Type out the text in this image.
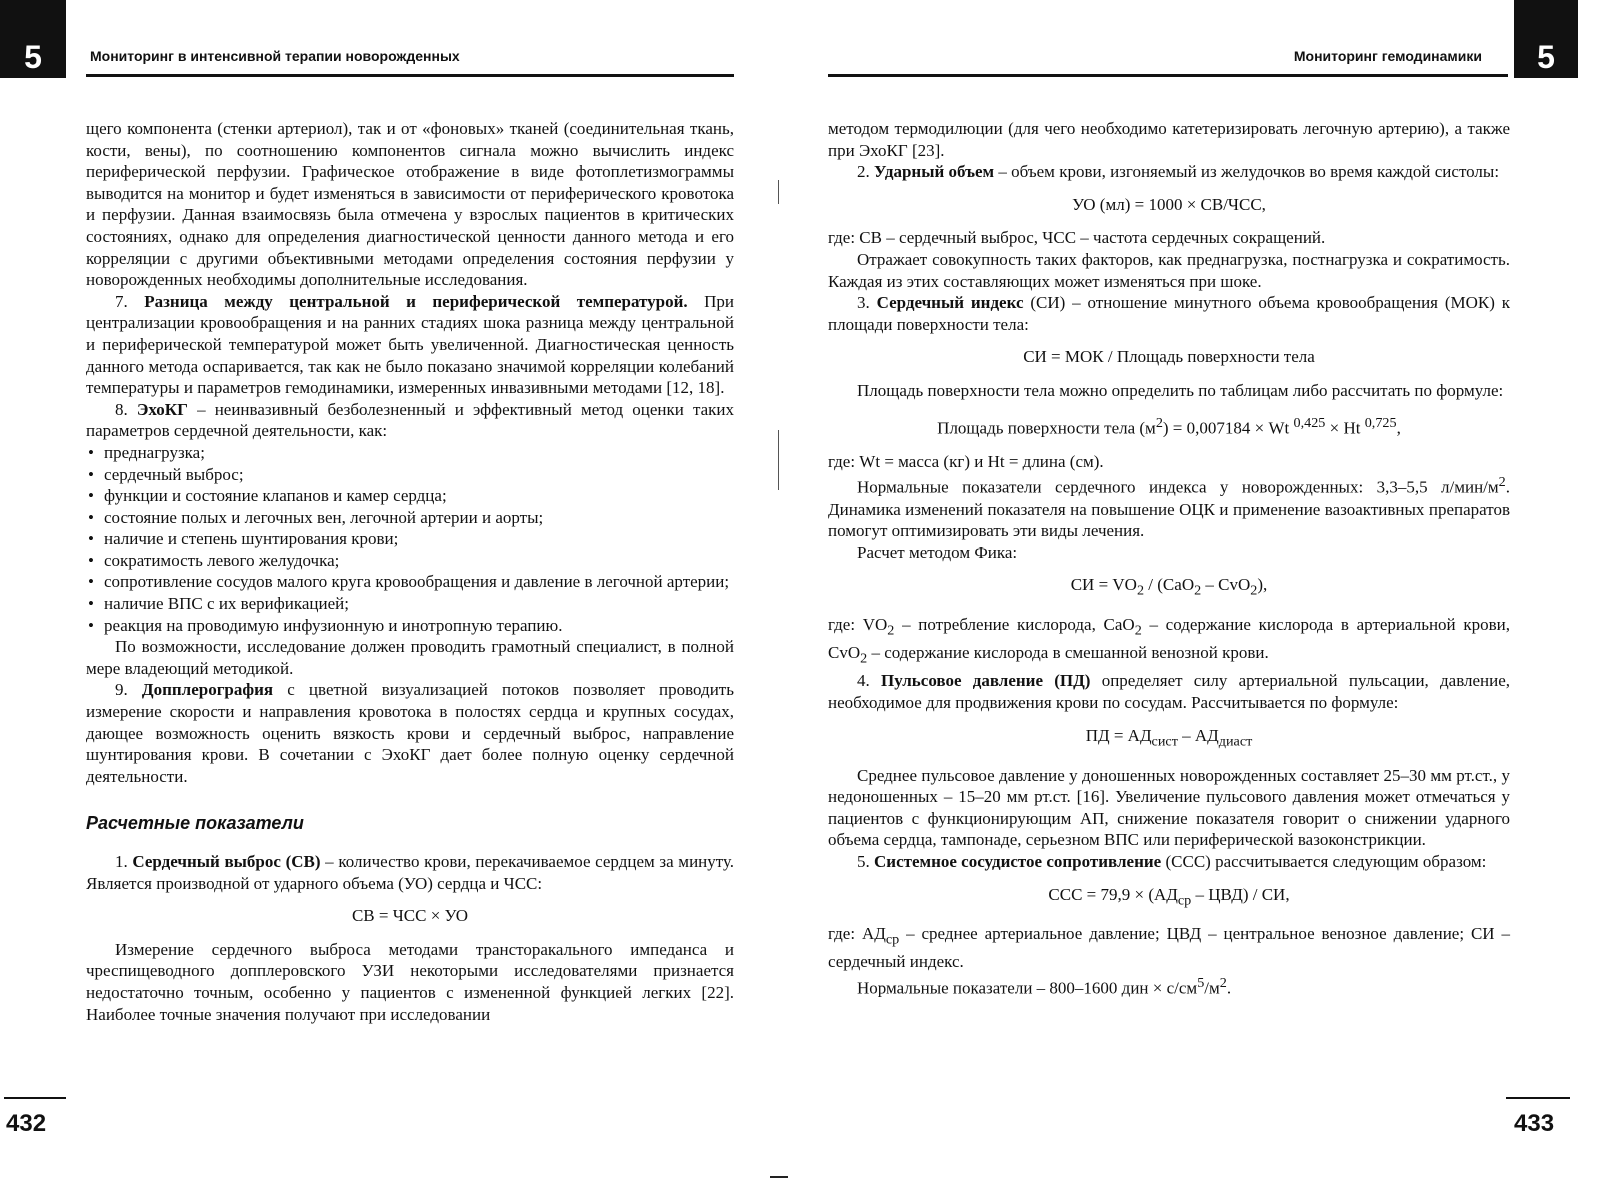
5	Мониторинг в интенсивной терапии новорожденных

щего компонента (стенки артериол), так и от «фоновых» тканей (соединительная ткань, кости, вены), по соотношению компонентов сигнала можно вычислить индекс периферической перфузии. Графическое отображение в виде фотоплетизмограммы выводится на монитор и будет изменяться в зависимости от периферического кровотока и перфузии. Данная взаимосвязь была отмечена у взрослых пациентов в критических состояниях, однако для определения диагностической ценности данного метода и его корреляции с другими объективными методами определения состояния перфузии у новорожденных необходимы дополнительные исследования.

7. Разница между центральной и периферической температурой. При централизации кровообращения и на ранних стадиях шока разница между центральной и периферической температурой может быть увеличенной. Диагностическая ценность данного метода оспаривается, так как не было показано значимой корреляции колебаний температуры и параметров гемодинамики, измеренных инвазивными методами [12, 18].

8. ЭхоКГ – неинвазивный безболезненный и эффективный метод оценки таких параметров сердечной деятельности, как:

• преднагрузка;
• сердечный выброс;
• функции и состояние клапанов и камер сердца;
• состояние полых и легочных вен, легочной артерии и аорты;
• наличие и степень шунтирования крови;
• сократимость левого желудочка;
• сопротивление сосудов малого круга кровообращения и давление в легочной артерии;
• наличие ВПС с их верификацией;
• реакция на проводимую инфузионную и инотропную терапию.

По возможности, исследование должен проводить грамотный специалист, в полной мере владеющий методикой.

9. Допплерография с цветной визуализацией потоков позволяет проводить измерение скорости и направления кровотока в полостях сердца и крупных сосудах, дающее возможность оценить вязкость крови и сердечный выброс, направление шунтирования крови. В сочетании с ЭхоКГ дает более полную оценку сердечной деятельности.

Расчетные показатели

1. Сердечный выброс (СВ) – количество крови, перекачиваемое сердцем за минуту. Является производной от ударного объема (УО) сердца и ЧСС:

СВ = ЧСС × УО

Измерение сердечного выброса методами трансторакального импеданса и чреспищеводного допплеровского УЗИ некоторыми исследователями признается недостаточно точным, особенно у пациентов с измененной функцией легких [22]. Наиболее точные значения получают при исследовании

432
5
Мониторинг гемодинамики

методом термодилюции (для чего необходимо катетеризировать легочную артерию), а также при ЭхоКГ [23].

2. Ударный объем – объем крови, изгоняемый из желудочков во время каждой систолы:

УО (мл) = 1000 × СВ/ЧСС,

где: СВ – сердечный выброс, ЧСС – частота сердечных сокращений.

Отражает совокупность таких факторов, как преднагрузка, постнагрузка и сократимость. Каждая из этих составляющих может изменяться при шоке.

3. Сердечный индекс (СИ) – отношение минутного объема кровообращения (МОК) к площади поверхности тела:

СИ = МОК / Площадь поверхности тела

Площадь поверхности тела можно определить по таблицам либо рассчитать по формуле:

Площадь поверхности тела $(м^2) = 0,007184 \times Wt$ $^{0,425}$ × Ht $^{0,725}$,

где: Wt = масса (кг) и Ht = длина (см).

Нормальные показатели сердечного индекса у новорожденных: 3,3–5,5 $л/мин/м^2$. Динамика изменений показателя на повышение ОЦК и применение вазоактивных препаратов помогут оптимизировать эти виды лечения.

Расчет методом Фика:

СИ = $VO_2 / (CaO_2 - CvO_2)$,

где: $VO_2$ – потребление кислорода, CaO$_2$ – содержание кислорода в артериальной крови, CvO$_2$ – содержание кислорода в смешанной венозной крови.

4. Пульсовое давление (ПД) определяет силу артериальной пульсации, давление, необходимое для продвижения крови по сосудам. Рассчитывается по формуле:

ПД = $АД_{сист} - АД_{диаст}$

Среднее пульсовое давление у доношенных новорожденных составляет 25–30 мм рт.ст., у недоношенных – 15–20 мм рт.ст. [16]. Увеличение пульсового давления может отмечаться у пациентов с функционирующим АП, снижение показателя говорит о снижении ударного объема сердца, тампонаде, серьезном ВПС или периферической вазоконстрикции.

5. Системное сосудистое сопротивление (ССС) рассчитывается следующим образом:

ССС = $79,9 \times (АД_{ср} - ЦВД)$ / СИ,

где: $АД_{ср}$ – среднее артериальное давление; ЦВД – центральное венозное давление; СИ – сердечный индекс.

Нормальные показатели – 800–1600 дин × $с/см^5/м^2$.

433
